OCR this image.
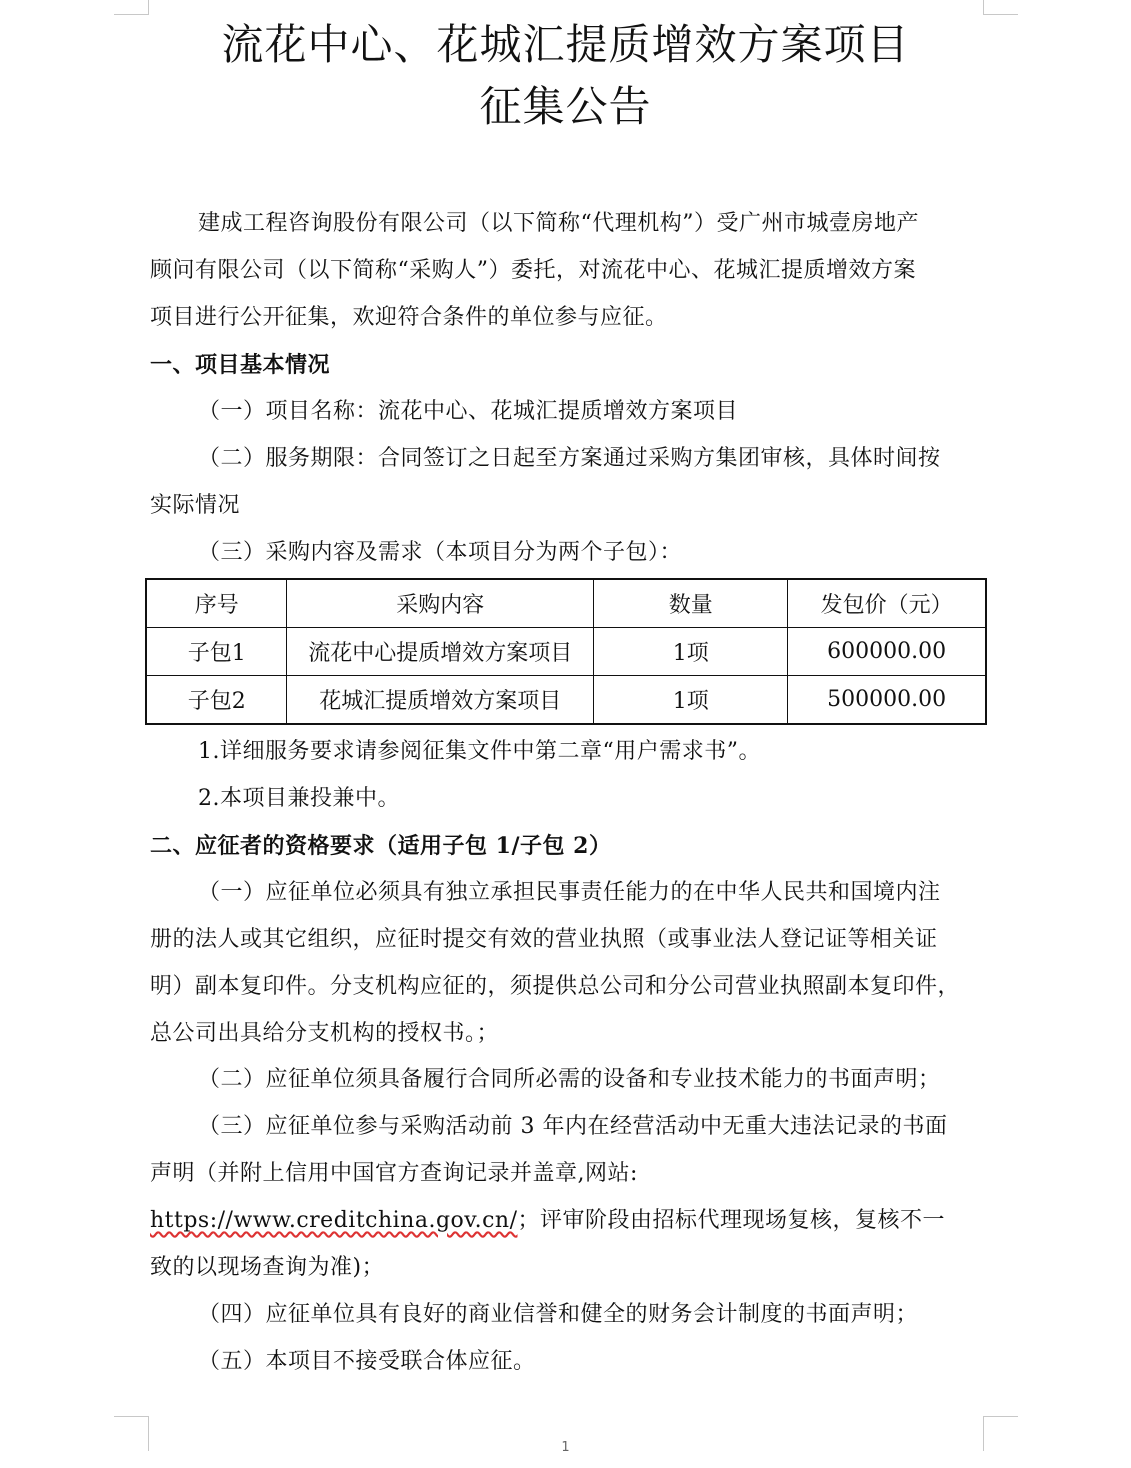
流花中心、花城汇提质增效方案项目
征集公告
建成工程咨询股份有限公司（以下简称“代理机构”）受广州市城壹房地产
顾问有限公司（以下简称“采购人”）委托，对流花中心、花城汇提质增效方案
项目进行公开征集，欢迎符合条件的单位参与应征。
一、项目基本情况
（一）项目名称：流花中心、花城汇提质增效方案项目
（二）服务期限：合同签订之日起至方案通过采购方集团审核，具体时间按
实际情况
（三）采购内容及需求（本项目分为两个子包）：
序号	采购内容	数量	发包价（元）
子包1	流花中心提质增效方案项目	1项	600000.00
子包2	花城汇提质增效方案项目	1项	500000.00
1.详细服务要求请参阅征集文件中第二章“用户需求书”。
2.本项目兼投兼中。
二、应征者的资格要求（适用子包 1/子包 2）
（一）应征单位必须具有独立承担民事责任能力的在中华人民共和国境内注
册的法人或其它组织，应征时提交有效的营业执照（或事业法人登记证等相关证
明）副本复印件。分支机构应征的，须提供总公司和分公司营业执照副本复印件，
总公司出具给分支机构的授权书。；
（二）应征单位须具备履行合同所必需的设备和专业技术能力的书面声明；
（三）应征单位参与采购活动前 3 年内在经营活动中无重大违法记录的书面
声明（并附上信用中国官方查询记录并盖章,网站:
https://www.creditchina.gov.cn/；评审阶段由招标代理现场复核，复核不一
致的以现场查询为准)；
（四）应征单位具有良好的商业信誉和健全的财务会计制度的书面声明；
（五）本项目不接受联合体应征。
1
